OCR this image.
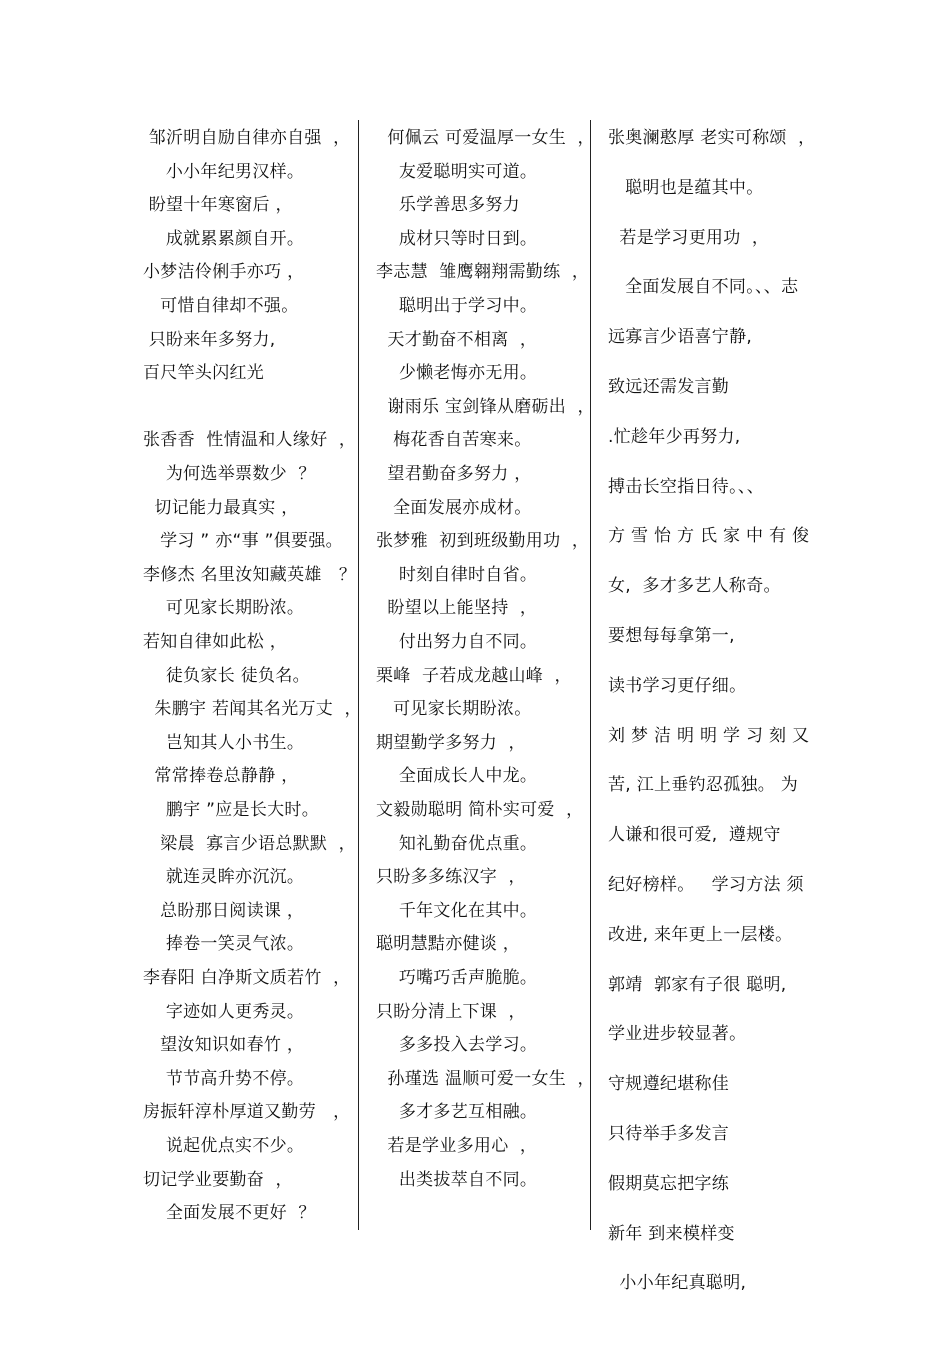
邹沂明自励自律亦自强  ，
小小年纪男汉样。
盼望十年寒窗后 ，
成就累累颜自开。
小梦洁伶俐手亦巧 ，
可惜自律却不强。
只盼来年多努力,
百尺竿头闪红光
张香香  性情温和人缘好  ，
为何选举票数少  ？
切记能力最真实 ，
学习 ” 亦“事 ”俱要强。
李修杰 名里汝知藏英雄   ？
可见家长期盼浓。
若知自律如此松 ，
徒负家长 徒负名。
朱鹏宇 若闻其名光万丈  ，
岂知其人小书生。
常常捧卷总静静 ，
鹏宇 ”应是长大时。
梁晨  寡言少语总默默  ，
就连灵眸亦沉沉。
总盼那日阅读课 ，
捧卷一笑灵气浓。
李春阳 白净斯文质若竹  ，
字迹如人更秀灵。
望汝知识如春竹 ，
节节高升势不停。
房振轩淳朴厚道又勤劳   ，
说起优点实不少。
切记学业要勤奋  ，
全面发展不更好  ？
何佩云 可爱温厚一女生  ，
友爱聪明实可道。
乐学善思多努力
成材只等时日到。
李志慧  雏鹰翱翔需勤练  ，
聪明出于学习中。
天才勤奋不相离  ，
少懒老悔亦无用。
谢雨乐 宝剑锋从磨砺出  ，
梅花香自苦寒来。
望君勤奋多努力 ，
全面发展亦成材。
张梦雅  初到班级勤用功  ，
时刻自律时自省。
盼望以上能坚持  ，
付出努力自不同。
栗峰  子若成龙越山峰  ，
可见家长期盼浓。
期望勤学多努力  ，
全面成长人中龙。
文毅勋聪明 简朴实可爱  ，
知礼勤奋优点重。
只盼多多练汉字  ，
千年文化在其中。
聪明慧黠亦健谈 ，
巧嘴巧舌声脆脆。
只盼分清上下课  ，
多多投入去学习。
孙瑾选 温顺可爱一女生  ，
多才多艺互相融。
若是学业多用心  ，
出类拔萃自不同。
张奥澜憨厚 老实可称颂  ，
聪明也是蕴其中。
若是学习更用功  ，
全面发展自不同。、、志
远寡言少语喜宁静,
致远还需发言勤
.忙趁年少再努力,
搏击长空指日待。、、
方 雪 怡 方 氏 家 中 有 俊
女,  多才多艺人称奇。
要想每每拿第一,
读书学习更仔细。
刘 梦 洁 明 明 学 习 刻 又
苦, 江上垂钓忍孤独。 为
人谦和很可爱,  遵规守
纪好榜样。   学习方法 须
改进, 来年更上一层楼。
郭靖  郭家有子很 聪明,
学业进步较显著。
守规遵纪堪称佳
只待举手多发言
假期莫忘把字练
新年 到来模样变
小小年纪真聪明,
